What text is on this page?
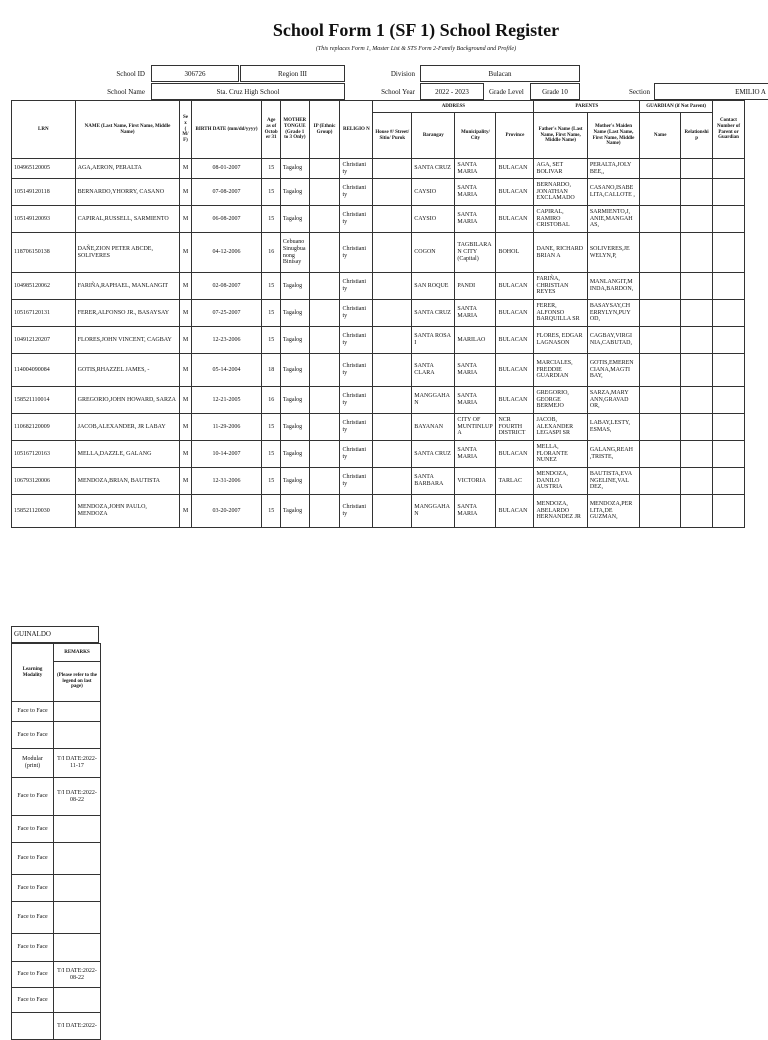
School Form 1 (SF 1) School Register
(This replaces Form 1, Master List & STS Form 2-Family Background and Profile)
School ID	306726	Region III	Division	Bulacan
School Name	Sta. Cruz High School	School Year	2022 - 2023	Grade Level	Grade 10	Section	EMILIO A
LRN	NAME (Last Name, First Name, Middle Name)	Sex (M/F)	BIRTH DATE (mm/dd/yyyy)	Age as of Octob er 31	MOTHER TONGUE (Grade 1 to 3 Only)	IP (Ethnic Group)	RELIGIO N	ADDRESS				PARENTS		GUARDIAN (if Not Parent)		Contact Number of Parent or Guardian
								House #/ Street/ Sitio/ Purok	Barangay	Municipality/ City	Province	Father's Name (Last Name, First Name, Middle Name)	Mother's Maiden Name (Last Name, First Name, Middle Name)	Name	Relationship	
104965120005	AGA,AERON, PERALTA	M	08-01-2007	15	Tagalog		Christiani ty		SANTA CRUZ	SANTA MARIA	BULACAN	AGA, SET BOLIVAR	PERALTA,JOLY BEE,,			
105149120118	BERNARDO,YHORRY, CASANO	M	07-08-2007	15	Tagalog		Christiani ty		CAYSIO	SANTA MARIA	BULACAN	BERNARDO, JONATHAN EXCLAMADO	CASANO,ISABE LITA,CALLOTE ,			
105149120093	CAPIRAL,RUSSELL, SARMIENTO	M	06-08-2007	15	Tagalog		Christiani ty		CAYSIO	SANTA MARIA	BULACAN	CAPIRAL, RAMIRO CRISTOBAL	SARMIENTO,J, ANIE,MANGAH AS,			
118706150138	DAÑE,ZION PETER ABCDE, SOLIVERES	M	04-12-2006	16	Cebuano Sinugbua nong Binisay		Christiani ty		COGON	TAGBILARA N CITY (Capital)	BOHOL	DANE, RICHARD BRIAN A	SOLIVERES,JE WELYN,P,			
104985120062	FARIÑA,RAPHAEL, MANLANGIT	M	02-08-2007	15	Tagalog		Christiani ty		SAN ROQUE	PANDI	BULACAN	FARIÑA, CHRISTIAN REYES	MANLANGIT,M INDA,BARDON,			
105167120131	FERER,ALFONSO JR., BASAYSAY	M	07-25-2007	15	Tagalog		Christiani ty		SANTA CRUZ	SANTA MARIA	BULACAN	FERER, ALFONSO BARQUILLA SR	BASAYSAY,CH ERRYLYN,PUY OD,			
104912120207	FLORES,JOHN VINCENT, CAGBAY	M	12-23-2006	15	Tagalog		Christiani ty		SANTA ROSA I	MARILAO	BULACAN	FLORES, EDGAR LAGNASON	CAGBAY,VIRGI NIA,CABUTAD,			
114004090084	GOTIS,RHAZZEL JAMES, -	M	05-14-2004	18	Tagalog		Christiani ty		SANTA CLARA	SANTA MARIA	BULACAN	MARCIALES, FREDDIE GUARDIAN	GOTIS,EMEREN CIANA,MAGTI BAY,			
158521110014	GREGORIO,JOHN HOWARD, SARZA	M	12-21-2005	16	Tagalog		Christiani ty		MANGGAHA N	SANTA MARIA	BULACAN	GREGORIO, GEORGE BERMEJO	SARZA,MARY ANN,GRAVAD OR,			
110682120009	JACOB,ALEXANDER, JR LABAY	M	11-29-2006	15	Tagalog		Christiani ty		BAYANAN	CITY OF MUNTINLUP A	NCR FOURTH DISTRICT	JACOB, ALEXANDER LEGASPI SR	LABAY,LESTY, ESMAS,			
105167120163	MELLA,DAZZLE, GALANG	M	10-14-2007	15	Tagalog		Christiani ty		SANTA CRUZ	SANTA MARIA	BULACAN	MELLA, FLORANTE NUNEZ	GALANG,REAH ,TRISTE,			
106793120006	MENDOZA,BRIAN, BAUTISTA	M	12-31-2006	15	Tagalog		Christiani ty		SANTA BARBARA	VICTORIA	TARLAC	MENDOZA, DANILO AUSTRIA	BAUTISTA,EVA NGELINE,VAL DEZ,			
158521120030	MENDOZA,JOHN PAULO, MENDOZA	M	03-20-2007	15	Tagalog		Christiani ty		MANGGAHA N	SANTA MARIA	BULACAN	MENDOZA, ABELARDO HERNANDEZ JR	MENDOZA,PER LITA,DE GUZMAN,			
GUINALDO
Learning Modality	REMARKS
	(Please refer to the legend on last page)
Face to Face	
Face to Face	
Modular (print)	T/I DATE:2022-11-17
Face to Face	T/I DATE:2022-08-22
Face to Face	
Face to Face	
Face to Face	
Face to Face	
Face to Face	
Face to Face	T/I DATE:2022-08-22
Face to Face	
	T/I DATE:2022-
